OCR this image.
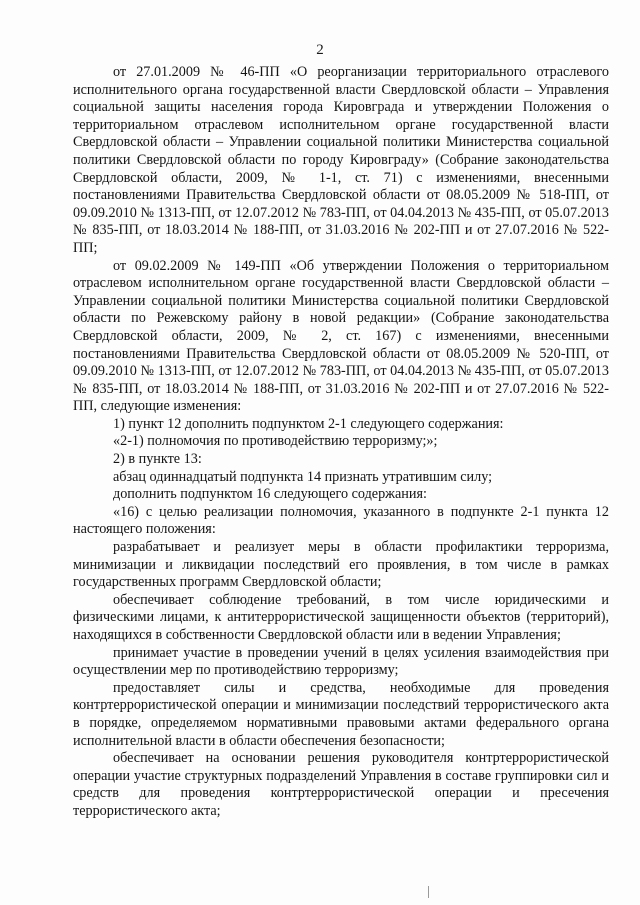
2

от 27.01.2009 № 46-ПП «О реорганизации территориального отраслевого исполнительного органа государственной власти Свердловской области – Управления социальной защиты населения города Кировграда и утверждении Положения о территориальном отраслевом исполнительном органе государственной власти Свердловской области – Управлении социальной политики Министерства социальной политики Свердловской области по городу Кировграду» (Собрание законодательства Свердловской области, 2009, № 1-1, ст. 71) с изменениями, внесенными постановлениями Правительства Свердловской области от 08.05.2009 № 518-ПП, от 09.09.2010 № 1313-ПП, от 12.07.2012 № 783-ПП, от 04.04.2013 № 435-ПП, от 05.07.2013 № 835-ПП, от 18.03.2014 № 188-ПП, от 31.03.2016 № 202-ПП и от 27.07.2016 № 522-ПП;

от 09.02.2009 № 149-ПП «Об утверждении Положения о территориальном отраслевом исполнительном органе государственной власти Свердловской области – Управлении социальной политики Министерства социальной политики Свердловской области по Режевскому району в новой редакции» (Собрание законодательства Свердловской области, 2009, № 2, ст. 167) с изменениями, внесенными постановлениями Правительства Свердловской области от 08.05.2009 № 520-ПП, от 09.09.2010 № 1313-ПП, от 12.07.2012 № 783-ПП, от 04.04.2013 № 435-ПП, от 05.07.2013 № 835-ПП, от 18.03.2014 № 188-ПП, от 31.03.2016 № 202-ПП и от 27.07.2016 № 522-ПП, следующие изменения:

1) пункт 12 дополнить подпунктом 2-1 следующего содержания:

«2-1) полномочия по противодействию терроризму;»;

2) в пункте 13:

абзац одиннадцатый подпункта 14 признать утратившим силу;

дополнить подпунктом 16 следующего содержания:

«16) с целью реализации полномочия, указанного в подпункте 2-1 пункта 12 настоящего положения:

разрабатывает и реализует меры в области профилактики терроризма, минимизации и ликвидации последствий его проявления, в том числе в рамках государственных программ Свердловской области;

обеспечивает соблюдение требований, в том числе юридическими и физическими лицами, к антитеррористической защищенности объектов (территорий), находящихся в собственности Свердловской области или в ведении Управления;

принимает участие в проведении учений в целях усиления взаимодействия при осуществлении мер по противодействию терроризму;

предоставляет силы и средства, необходимые для проведения контртеррористической операции и минимизации последствий террористического акта в порядке, определяемом нормативными правовыми актами федерального органа исполнительной власти в области обеспечения безопасности;

обеспечивает на основании решения руководителя контртеррористической операции участие структурных подразделений Управления в составе группировки сил и средств для проведения контртеррористической операции и пресечения террористического акта;
